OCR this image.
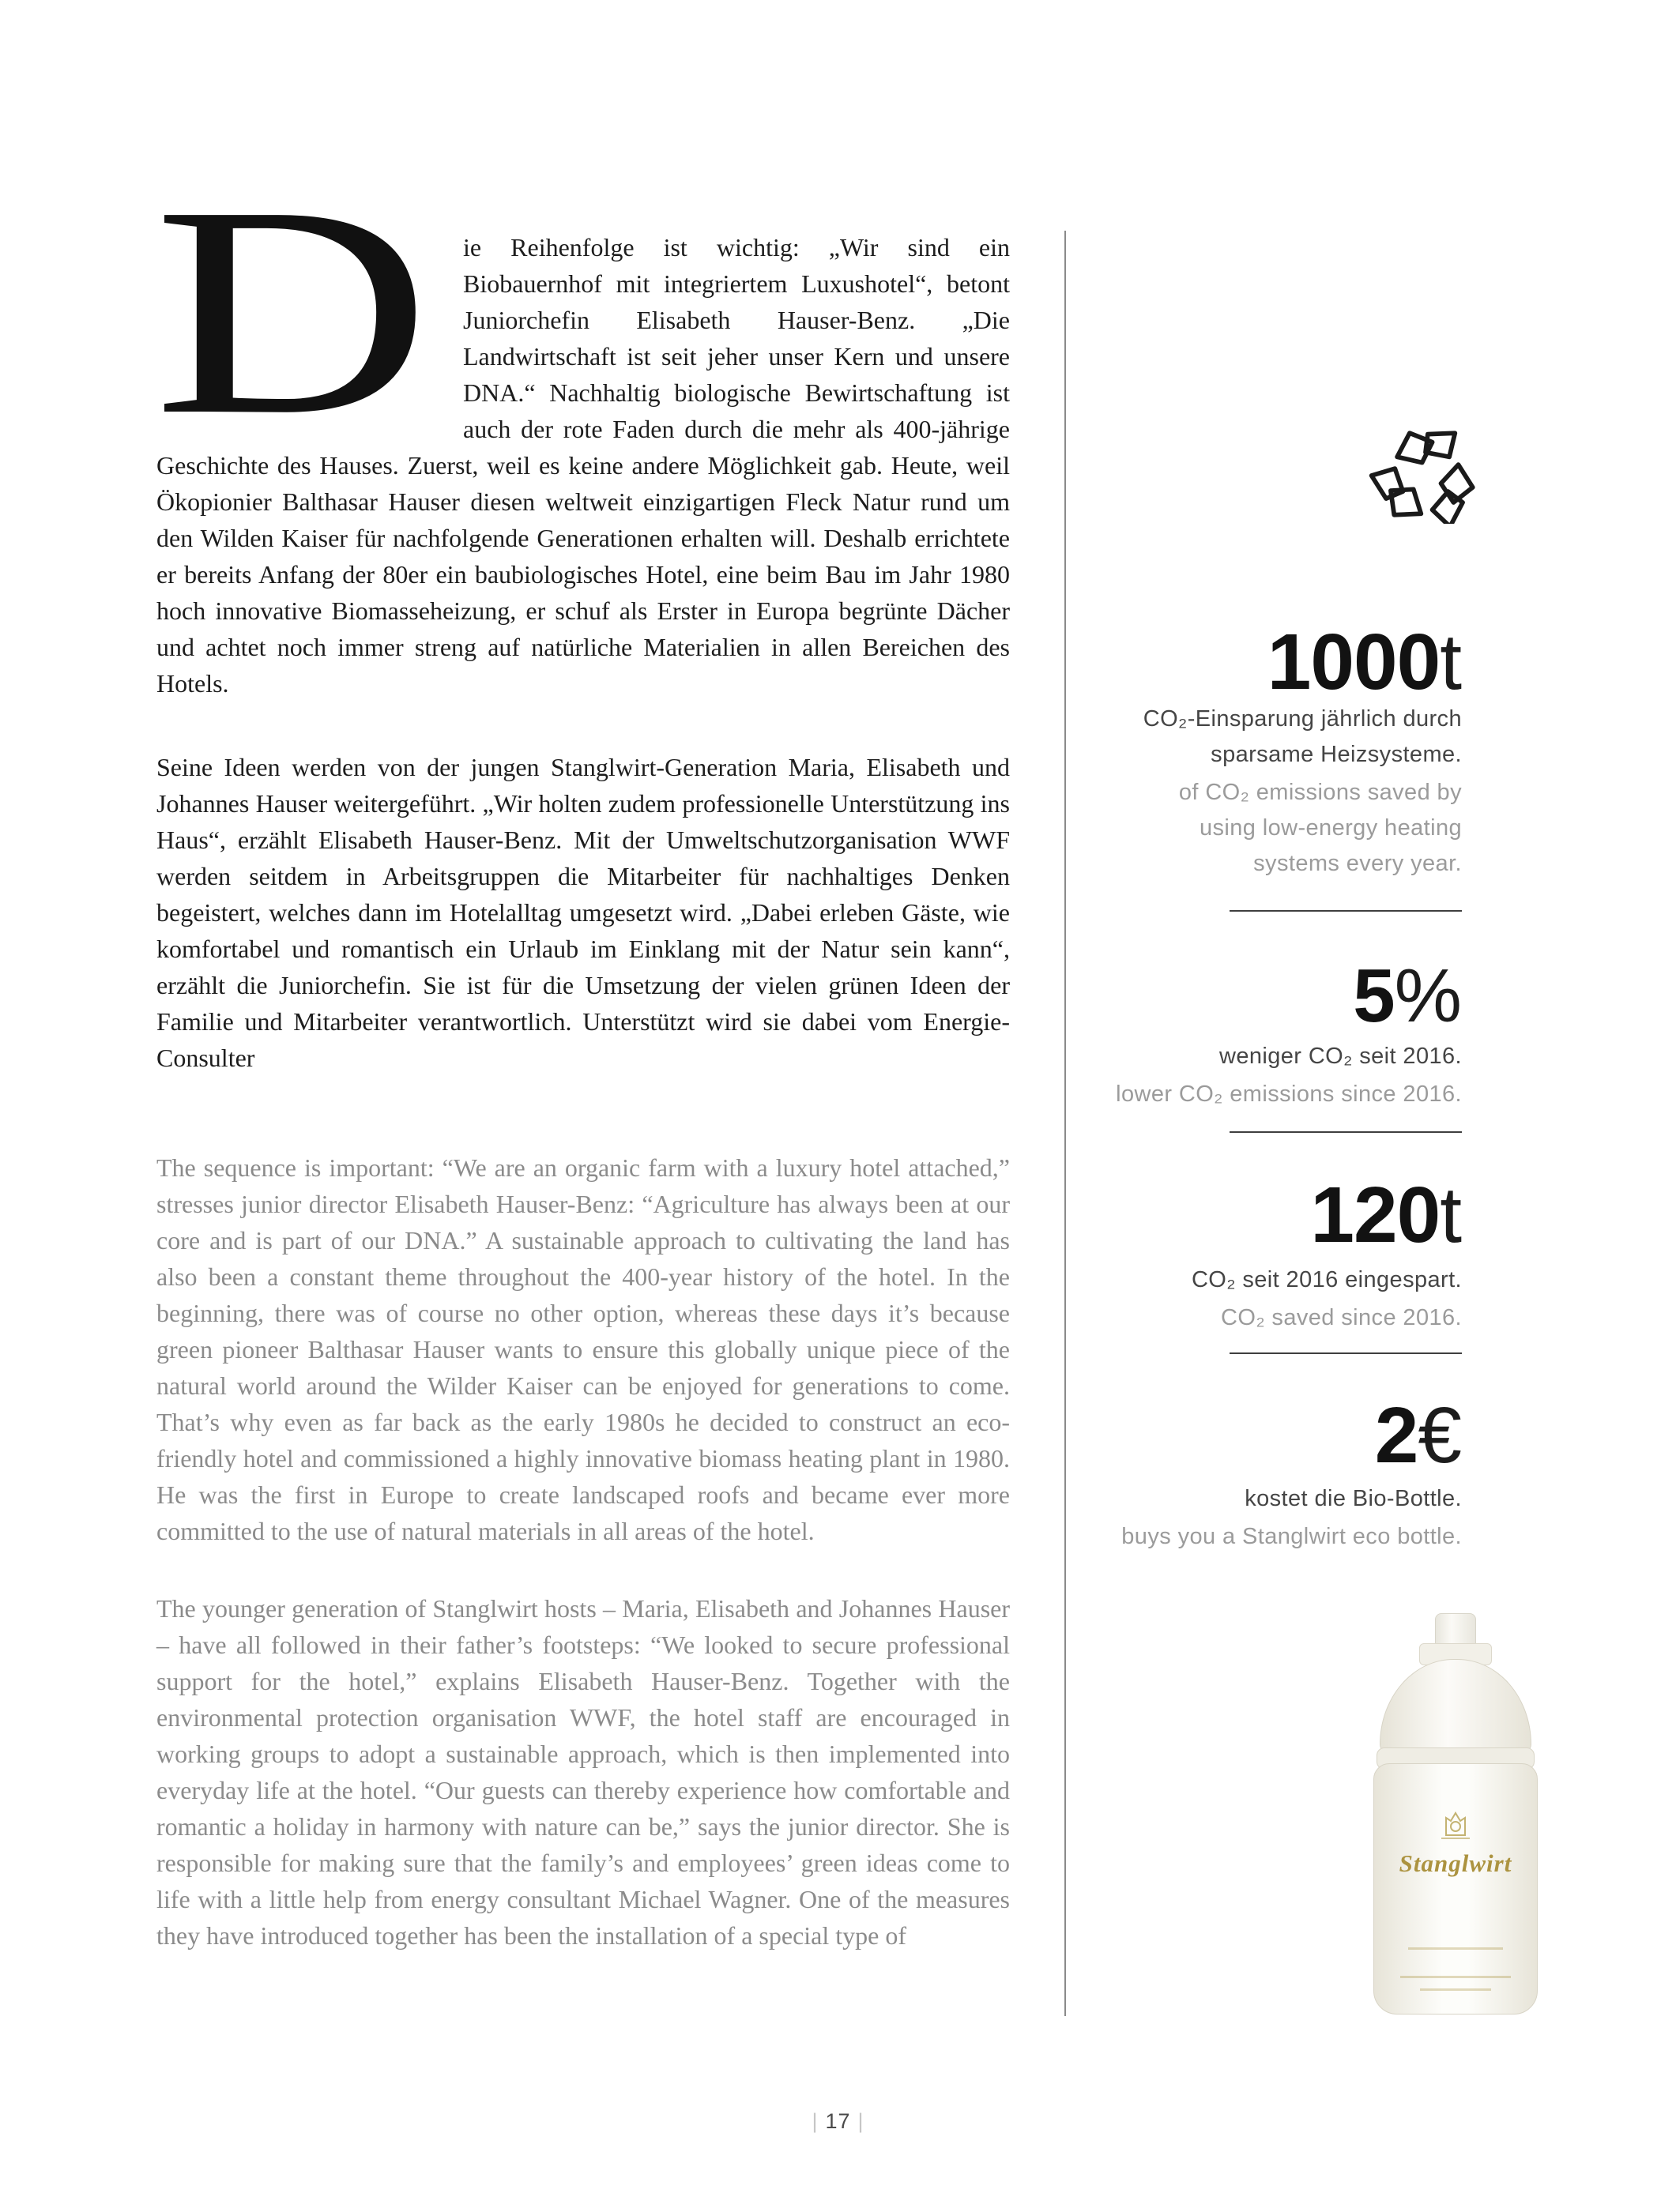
D ie Reihenfolge ist wichtig: „Wir sind ein Biobauernhof mit integriertem Luxushotel“, betont Juniorchefin Elisabeth Hauser-Benz. „Die Landwirtschaft ist seit jeher unser Kern und unsere DNA.“ Nachhaltig biologische Bewirtschaftung ist auch der rote Faden durch die mehr als 400-jährige Geschichte des Hauses. Zuerst, weil es keine andere Möglichkeit gab. Heute, weil Ökopionier Balthasar Hauser diesen weltweit einzigartigen Fleck Natur rund um den Wilden Kaiser für nachfolgende Generationen erhalten will. Deshalb errichtete er bereits Anfang der 80er ein baubiologisches Hotel, eine beim Bau im Jahr 1980 hoch innovative Biomasseheizung, er schuf als Erster in Europa begrünte Dächer und achtet noch immer streng auf natürliche Materialien in allen Bereichen des Hotels.

Seine Ideen werden von der jungen Stanglwirt-Generation Maria, Elisabeth und Johannes Hauser weitergeführt. „Wir holten zudem professionelle Unterstützung ins Haus“, erzählt Elisabeth Hauser-Benz. Mit der Umweltschutzorganisation WWF werden seitdem in Arbeitsgruppen die Mitarbeiter für nachhaltiges Denken begeistert, welches dann im Hotelalltag umgesetzt wird. „Dabei erleben Gäste, wie komfortabel und romantisch ein Urlaub im Einklang mit der Natur sein kann“, erzählt die Juniorchefin. Sie ist für die Umsetzung der vielen grünen Ideen der Familie und Mitarbeiter verantwortlich. Unterstützt wird sie dabei vom Energie-Consulter

The sequence is important: “We are an organic farm with a luxury hotel attached,” stresses junior director Elisabeth Hauser-Benz: “Agriculture has always been at our core and is part of our DNA.” A sustainable approach to cultivating the land has also been a constant theme throughout the 400-year history of the hotel. In the beginning, there was of course no other option, whereas these days it’s because green pioneer Balthasar Hauser wants to ensure this globally unique piece of the natural world around the Wilder Kaiser can be enjoyed for generations to come. That’s why even as far back as the early 1980s he decided to construct an eco-friendly hotel and commissioned a highly innovative biomass heating plant in 1980. He was the first in Europe to create landscaped roofs and became ever more committed to the use of natural materials in all areas of the hotel.

The younger generation of Stanglwirt hosts – Maria, Elisabeth and Johannes Hauser – have all followed in their father’s footsteps: “We looked to secure professional support for the hotel,” explains Elisabeth Hauser-Benz. Together with the environmental protection organisation WWF, the hotel staff are encouraged in working groups to adopt a sustainable approach, which is then implemented into everyday life at the hotel. “Our guests can thereby experience how comfortable and romantic a holiday in harmony with nature can be,” says the junior director. She is responsible for making sure that the family’s and employees’ green ideas come to life with a little help from energy consultant Michael Wagner. One of the measures they have introduced together has been the installation of a special type of

1000t
CO₂-Einsparung jährlich durch sparsame Heizsysteme.
of CO₂ emissions saved by using low-energy heating systems every year.
5%
weniger CO₂ seit 2016.
lower CO₂ emissions since 2016.
120t
CO₂ seit 2016 eingespart.
CO₂ saved since 2016.
2€
kostet die Bio-Bottle.
buys you a Stanglwirt eco bottle.
Stanglwirt
| 17 |
